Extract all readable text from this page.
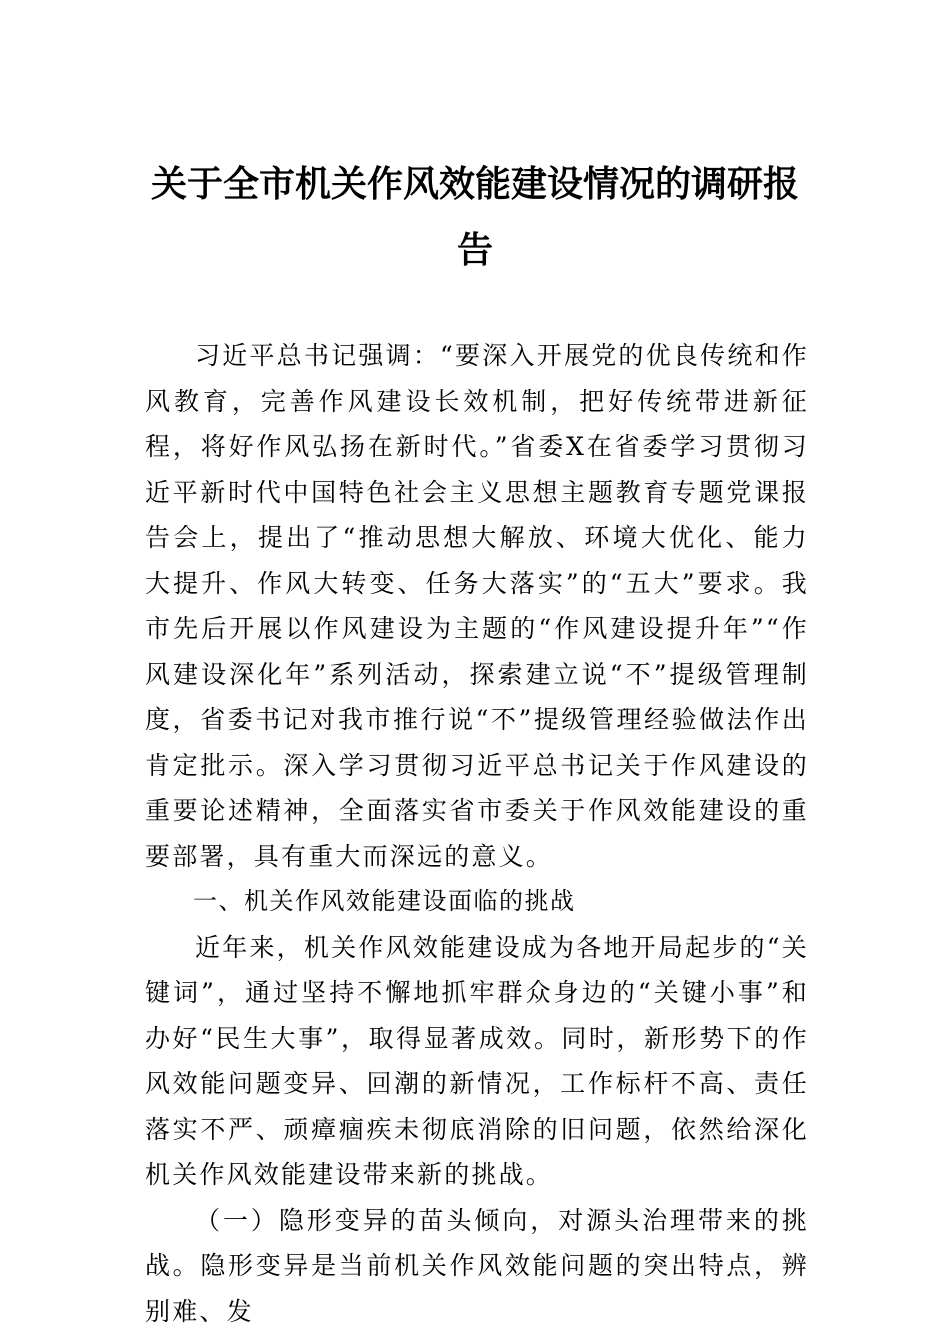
关于全市机关作风效能建设情况的调研报
告

习近平总书记强调：“要深入开展党的优良传统和作风教育，完善作风建设长效机制，把好传统带进新征程，将好作风弘扬在新时代。”省委X在省委学习贯彻习近平新时代中国特色社会主义思想主题教育专题党课报告会上，提出了“推动思想大解放、环境大优化、能力大提升、作风大转变、任务大落实”的“五大”要求。我市先后开展以作风建设为主题的“作风建设提升年”“作风建设深化年”系列活动，探索建立说“不”提级管理制度，省委书记对我市推行说“不”提级管理经验做法作出肯定批示。深入学习贯彻习近平总书记关于作风建设的重要论述精神，全面落实省市委关于作风效能建设的重要部署，具有重大而深远的意义。

一、机关作风效能建设面临的挑战

近年来，机关作风效能建设成为各地开局起步的“关键词”，通过坚持不懈地抓牢群众身边的“关键小事”和办好“民生大事”，取得显著成效。同时，新形势下的作风效能问题变异、回潮的新情况，工作标杆不高、责任落实不严、顽瘴痼疾未彻底消除的旧问题，依然给深化机关作风效能建设带来新的挑战。

（一）隐形变异的苗头倾向，对源头治理带来的挑战。隐形变异是当前机关作风效能问题的突出特点，辨别难、发
